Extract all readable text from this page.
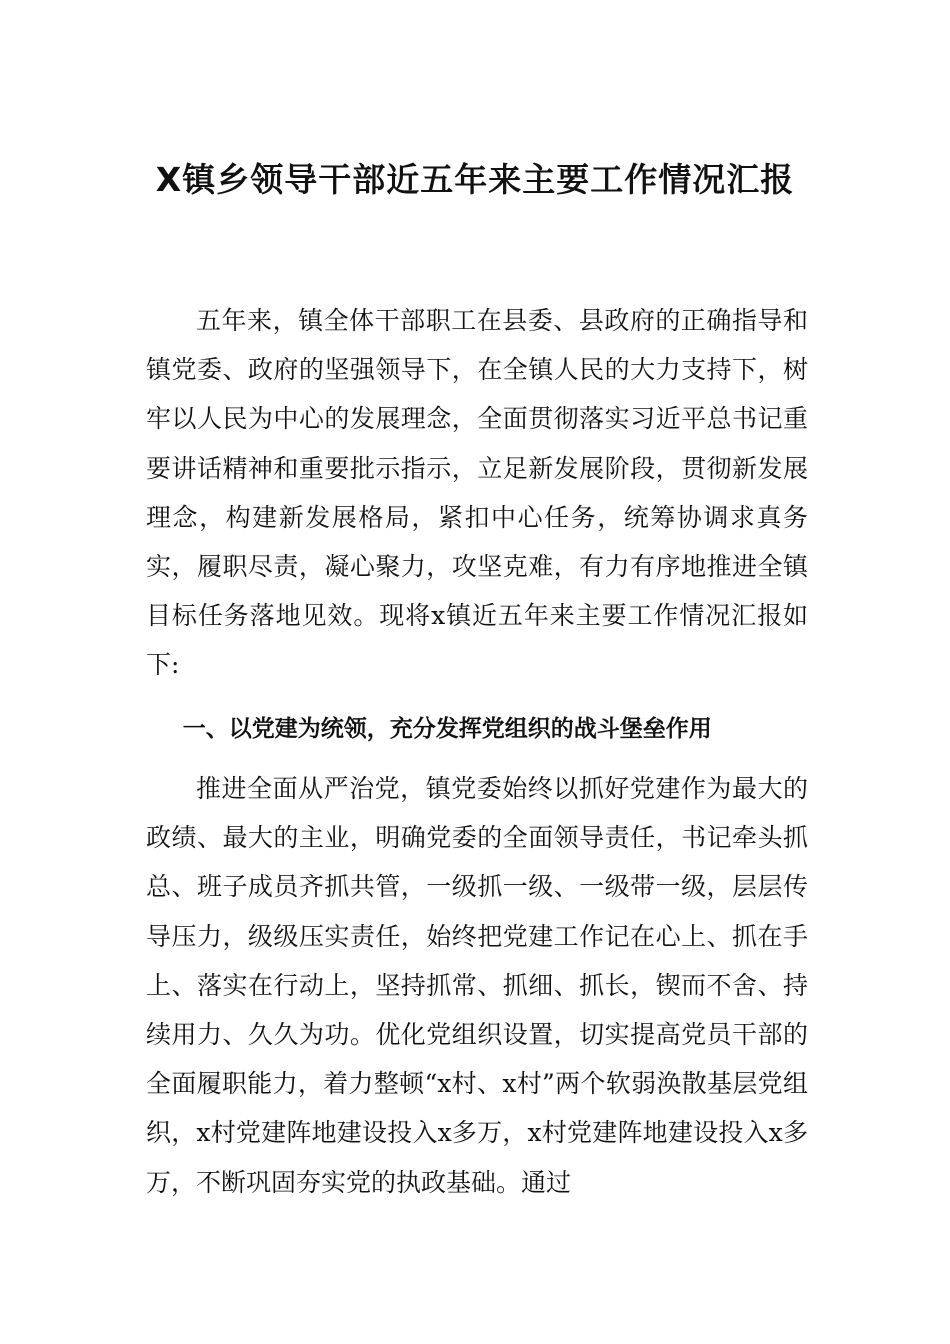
X镇乡领导干部近五年来主要工作情况汇报

五年来，镇全体干部职工在县委、县政府的正确指导和镇党委、政府的坚强领导下，在全镇人民的大力支持下，树牢以人民为中心的发展理念，全面贯彻落实习近平总书记重要讲话精神和重要批示指示，立足新发展阶段，贯彻新发展理念，构建新发展格局，紧扣中心任务，统筹协调求真务实，履职尽责，凝心聚力，攻坚克难，有力有序地推进全镇目标任务落地见效。现将x镇近五年来主要工作情况汇报如下:

一、以党建为统领，充分发挥党组织的战斗堡垒作用

推进全面从严治党，镇党委始终以抓好党建作为最大的政绩、最大的主业，明确党委的全面领导责任，书记牵头抓总、班子成员齐抓共管，一级抓一级、一级带一级，层层传导压力，级级压实责任，始终把党建工作记在心上、抓在手上、落实在行动上，坚持抓常、抓细、抓长，锲而不舍、持续用力、久久为功。优化党组织设置，切实提高党员干部的全面履职能力，着力整顿“x村、x村”两个软弱涣散基层党组织，x村党建阵地建设投入x多万，x村党建阵地建设投入x多万，不断巩固夯实党的执政基础。通过
